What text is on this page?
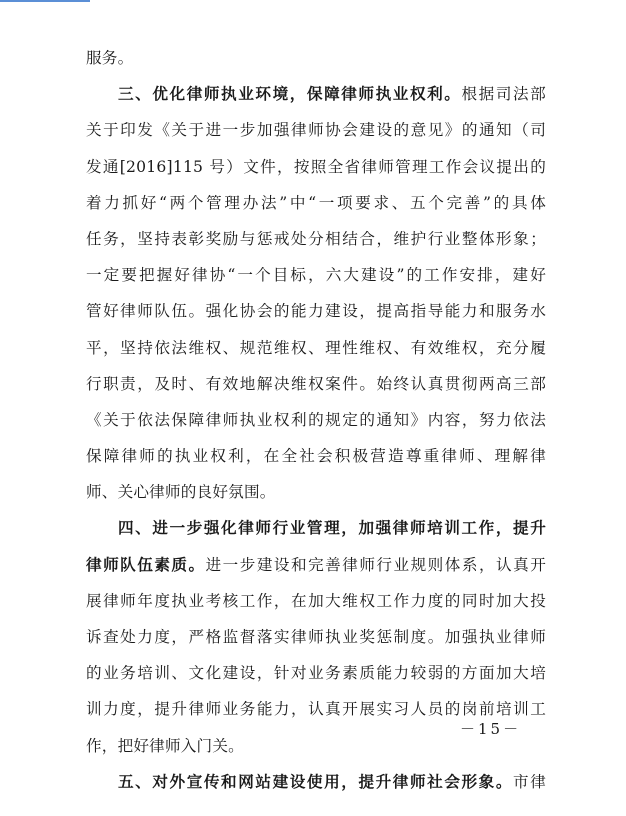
服务。
三、优化律师执业环境，保障律师执业权利。根据司法部
关于印发《关于进一步加强律师协会建设的意见》的通知（司
发通[2016]115 号）文件，按照全省律师管理工作会议提出的
着力抓好“两个管理办法”中“一项要求、五个完善”的具体
任务，坚持表彰奖励与惩戒处分相结合，维护行业整体形象；
一定要把握好律协“一个目标，六大建设”的工作安排，建好
管好律师队伍。强化协会的能力建设，提高指导能力和服务水
平，坚持依法维权、规范维权、理性维权、有效维权，充分履
行职责，及时、有效地解决维权案件。始终认真贯彻两高三部
《关于依法保障律师执业权利的规定的通知》内容，努力依法
保障律师的执业权利，在全社会积极营造尊重律师、理解律
师、关心律师的良好氛围。
四、进一步强化律师行业管理，加强律师培训工作，提升
律师队伍素质。进一步建设和完善律师行业规则体系，认真开
展律师年度执业考核工作，在加大维权工作力度的同时加大投
诉查处力度，严格监督落实律师执业奖惩制度。加强执业律师
的业务培训、文化建设，针对业务素质能力较弱的方面加大培
训力度，提升律师业务能力，认真开展实习人员的岗前培训工
作，把好律师入门关。
五、对外宣传和网站建设使用，提升律师社会形象。市律
－15－
